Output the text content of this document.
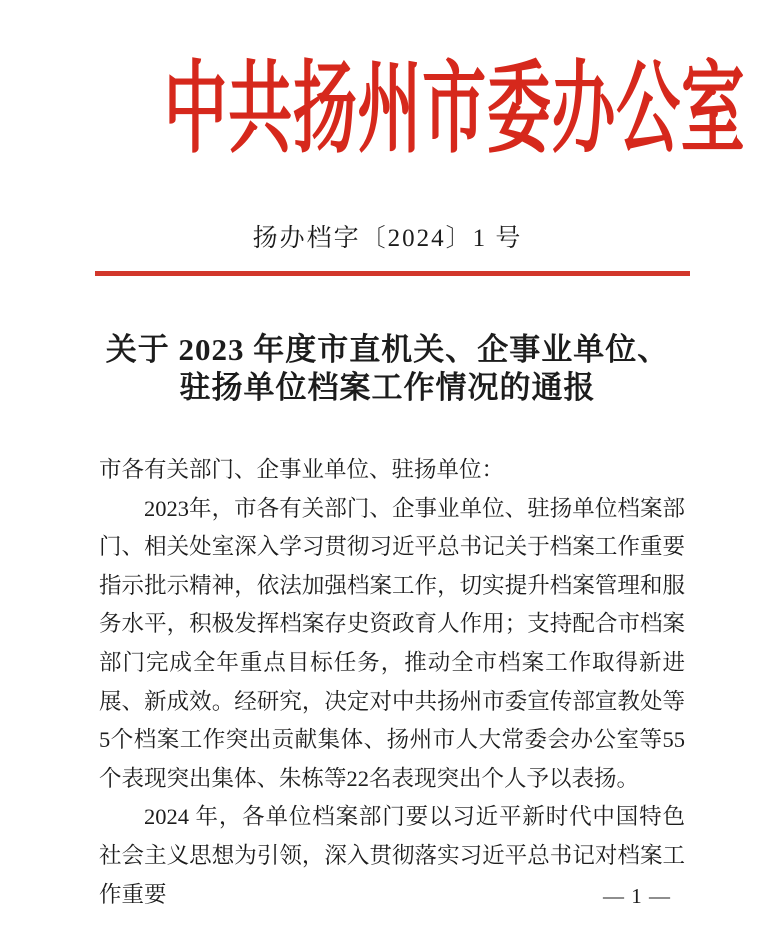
中共扬州市委办公室
扬办档字〔2024〕1 号
关于 2023 年度市直机关、企事业单位、
驻扬单位档案工作情况的通报

市各有关部门、企事业单位、驻扬单位：

2023年，市各有关部门、企事业单位、驻扬单位档案部门、相关处室深入学习贯彻习近平总书记关于档案工作重要指示批示精神，依法加强档案工作，切实提升档案管理和服务水平，积极发挥档案存史资政育人作用；支持配合市档案部门完成全年重点目标任务，推动全市档案工作取得新进展、新成效。经研究，决定对中共扬州市委宣传部宣教处等5个档案工作突出贡献集体、扬州市人大常委会办公室等55个表现突出集体、朱栋等22名表现突出个人予以表扬。

2024 年，各单位档案部门要以习近平新时代中国特色社会主义思想为引领，深入贯彻落实习近平总书记对档案工作重要	— 1 —
